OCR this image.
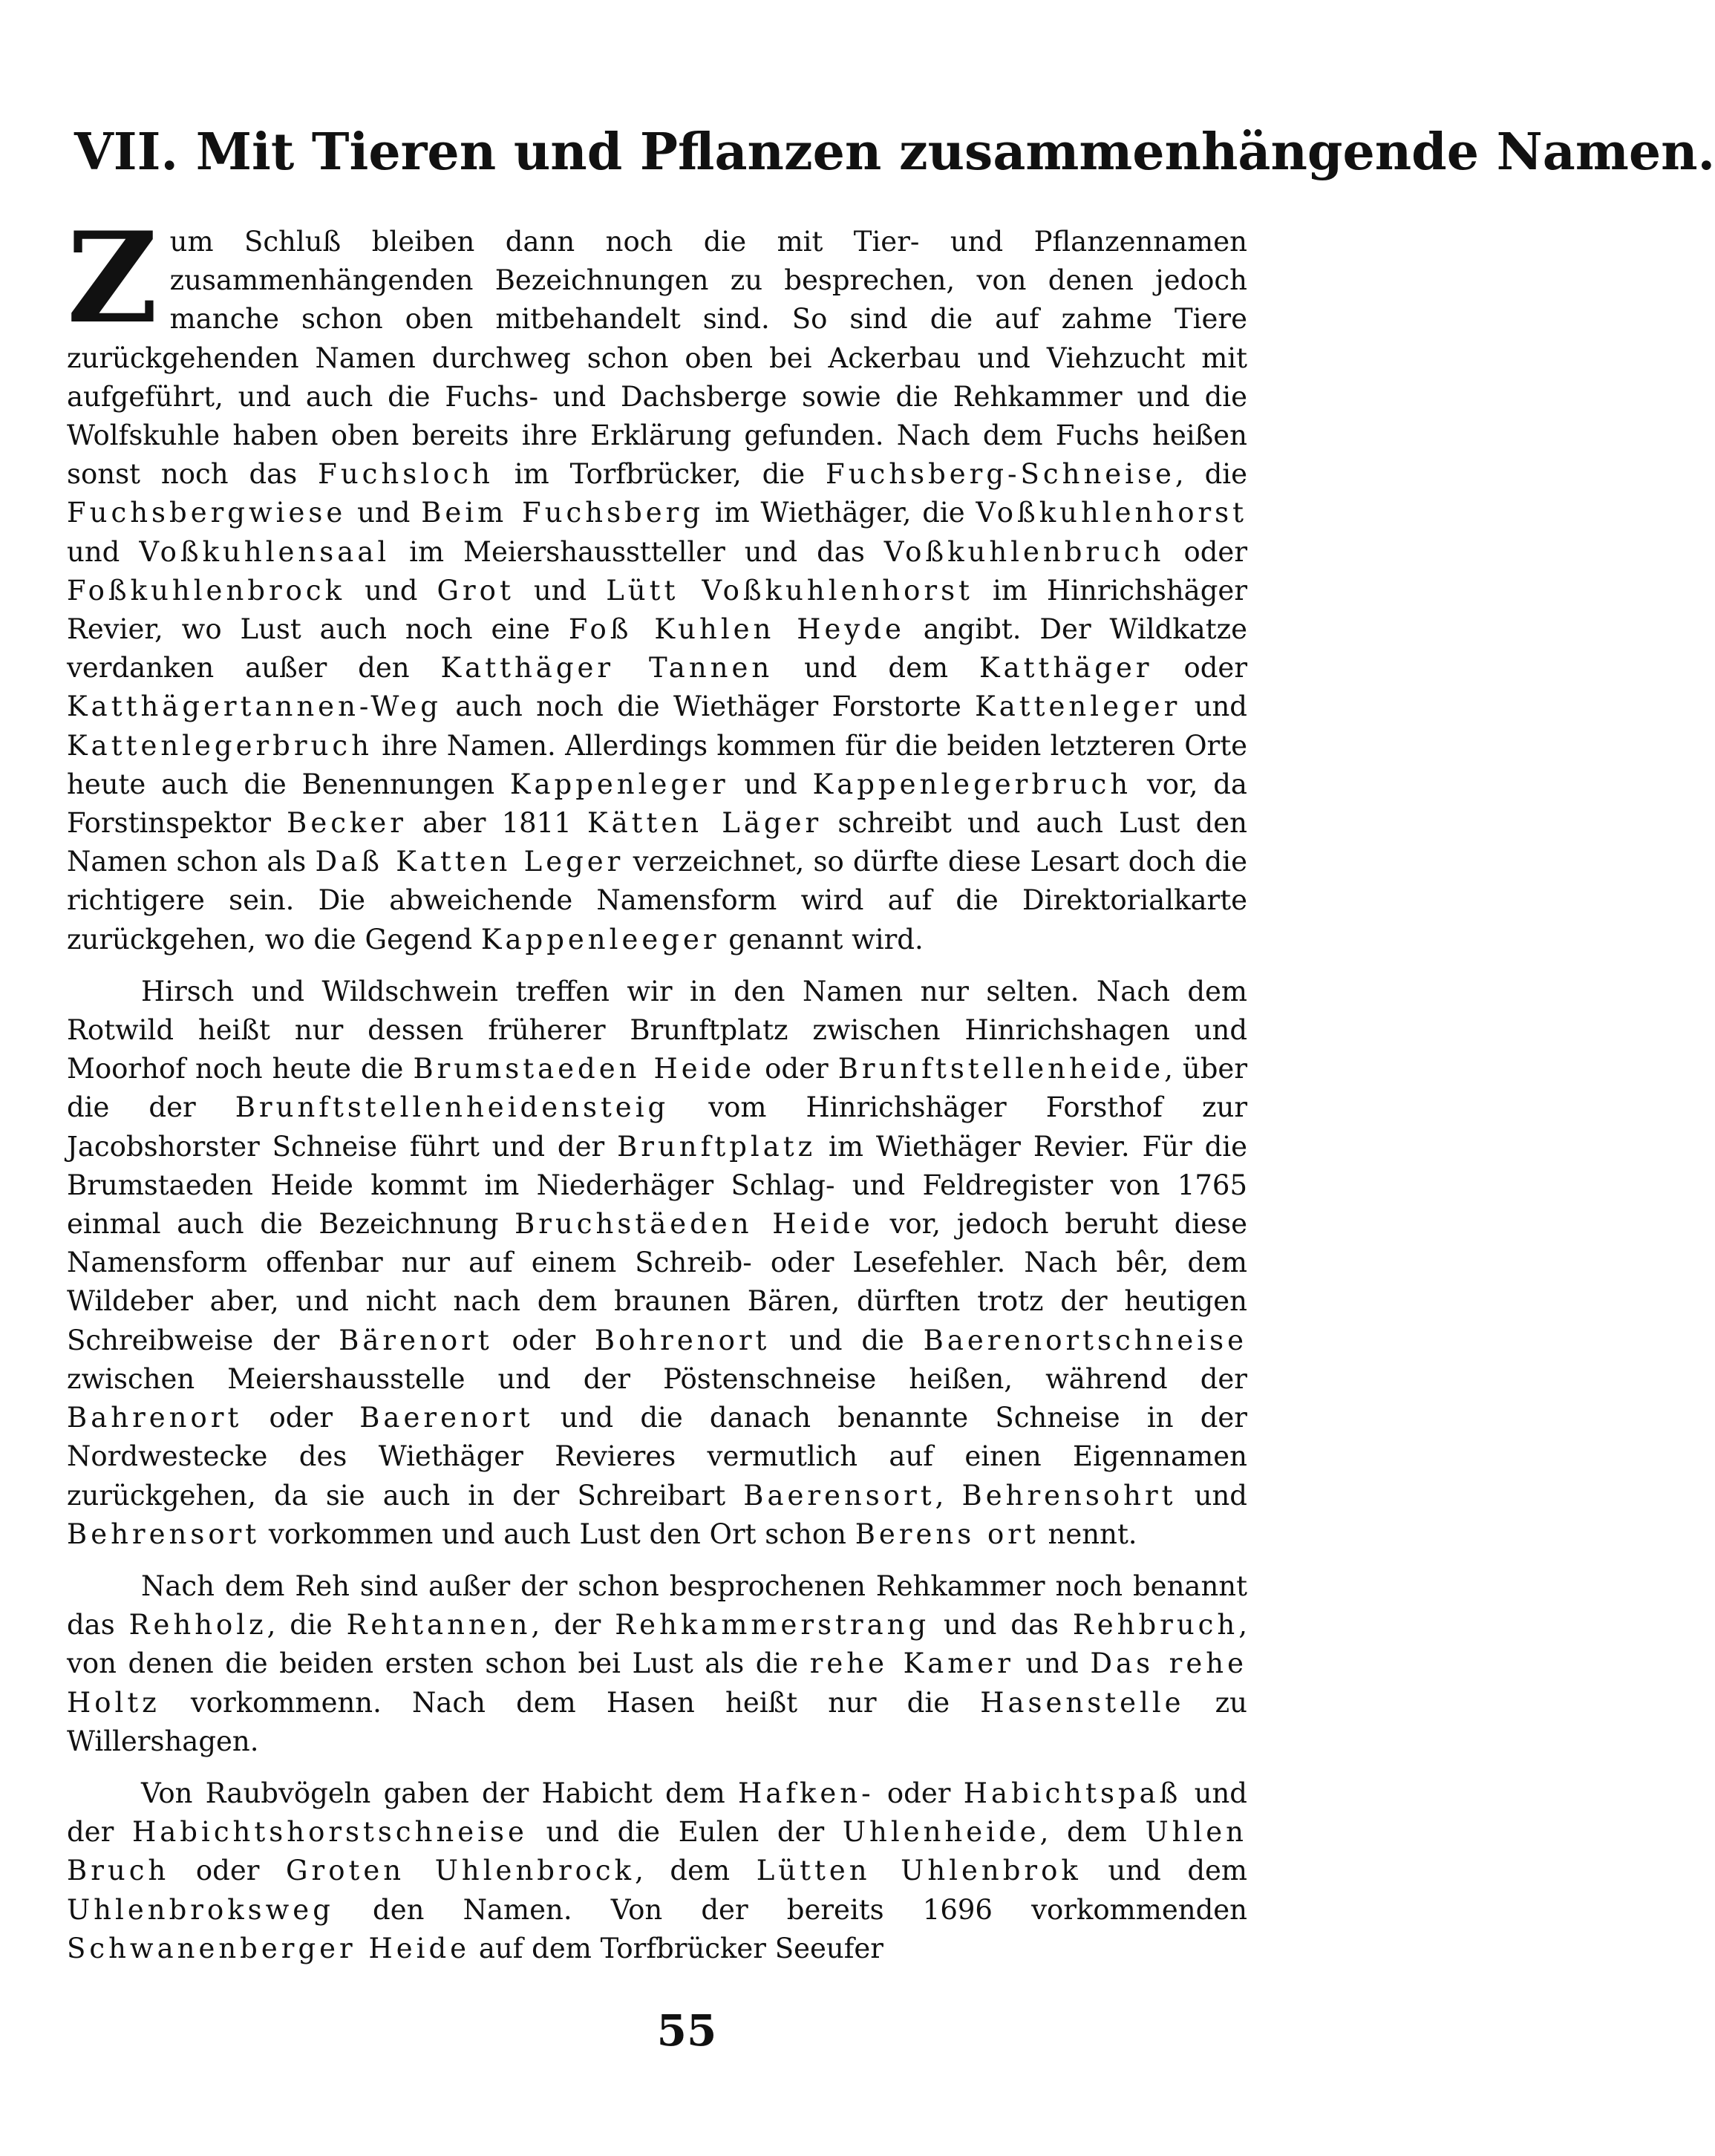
VII. Mit Tieren und Pflanzen zusammenhängende Namen.

Zum Schluß bleiben dann noch die mit Tier- und Pflanzennamen zusammenhängenden Bezeichnungen zu besprechen, von denen jedoch manche schon oben mitbehandelt sind. So sind die auf zahme Tiere zurückgehenden Namen durchweg schon oben bei Ackerbau und Viehzucht mit aufgeführt, und auch die Fuchs- und Dachsberge sowie die Rehkammer und die Wolfskuhle haben oben bereits ihre Erklärung gefunden. Nach dem Fuchs heißen sonst noch das Fuchsloch im Torfbrücker, die Fuchsberg-Schneise, die Fuchsbergwiese und Beim Fuchsberg im Wiethäger, die Voßkuhlenhorst und Voßkuhlensaal im Meiershausstteller und das Voßkuhlenbruch oder Foßkuhlenbrock und Grot und Lütt Voßkuhlenhorst im Hinrichshäger Revier, wo Lust auch noch eine Foß Kuhlen Heyde angibt. Der Wildkatze verdanken außer den Katthäger Tannen und dem Katthäger oder Katthägertannen-Weg auch noch die Wiethäger Forstorte Kattenleger und Kattenlegerbruch ihre Namen. Allerdings kommen für die beiden letzteren Orte heute auch die Benennungen Kappenleger und Kappenlegerbruch vor, da Forstinspektor Becker aber 1811 Kätten Läger schreibt und auch Lust den Namen schon als Daß Katten Leger verzeichnet, so dürfte diese Lesart doch die richtigere sein. Die abweichende Namensform wird auf die Direktorialkarte zurückgehen, wo die Gegend Kappenleeger genannt wird.

Hirsch und Wildschwein treffen wir in den Namen nur selten. Nach dem Rotwild heißt nur dessen früherer Brunftplatz zwischen Hinrichshagen und Moorhof noch heute die Brumstaeden Heide oder Brunftstellenheide, über die der Brunftstellenheidensteig vom Hinrichshäger Forsthof zur Jacobshorster Schneise führt und der Brunftplatz im Wiethäger Revier. Für die Brumstaeden Heide kommt im Niederhäger Schlag- und Feldregister von 1765 einmal auch die Bezeichnung Bruchstäeden Heide vor, jedoch beruht diese Namensform offenbar nur auf einem Schreib- oder Lesefehler. Nach bêr, dem Wildeber aber, und nicht nach dem braunen Bären, dürften trotz der heutigen Schreibweise der Bärenort oder Bohrenort und die Baerenortschneise zwischen Meiershausstelle und der Pöstenschneise heißen, während der Bahrenort oder Baerenort und die danach benannte Schneise in der Nordwestecke des Wiethäger Revieres vermutlich auf einen Eigennamen zurückgehen, da sie auch in der Schreibart Baerensort, Behrensohrt und Behrensort vorkommen und auch Lust den Ort schon Berens ort nennt.

Nach dem Reh sind außer der schon besprochenen Rehkammer noch benannt das Rehholz, die Rehtannen, der Rehkammerstrang und das Rehbruch, von denen die beiden ersten schon bei Lust als die rehe Kamer und Das rehe Holtz vorkommenn. Nach dem Hasen heißt nur die Hasenstelle zu Willershagen.

Von Raubvögeln gaben der Habicht dem Hafken- oder Habichtspaß und der Habichtshorstschneise und die Eulen der Uhlenheide, dem Uhlen Bruch oder Groten Uhlenbrock, dem Lütten Uhlenbrok und dem Uhlenbroksweg den Namen. Von der bereits 1696 vorkommenden Schwanenberger Heide auf dem Torfbrücker Seeufer

55
